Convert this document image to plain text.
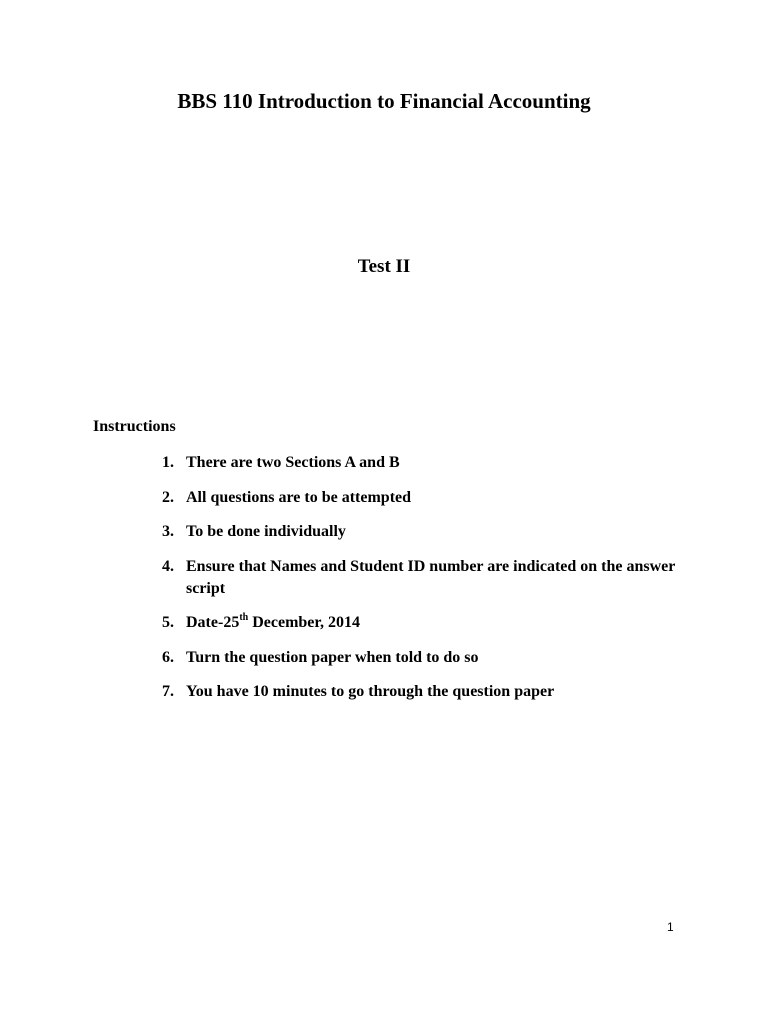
BBS 110 Introduction to Financial Accounting
Test II
Instructions
1. There are two Sections A and B
2. All questions are to be attempted
3. To be done individually
4. Ensure that Names and Student ID number are indicated on the answer script
5. Date-25th December, 2014
6. Turn the question paper when told to do so
7. You have 10 minutes to go through the question paper
1
